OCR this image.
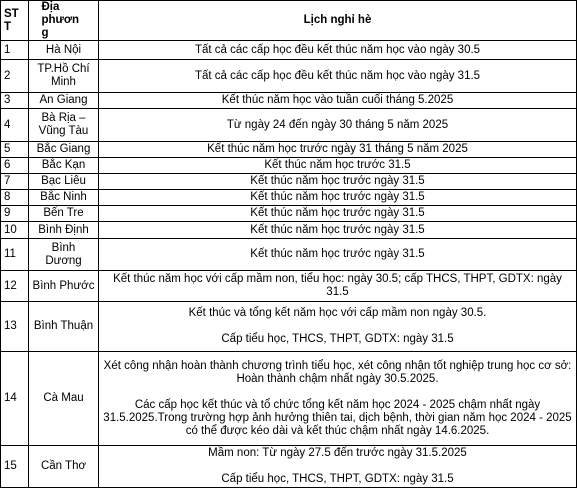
STT	Địa phương	Lịch nghỉ hè
1	Hà Nội	Tất cả các cấp học đều kết thúc năm học vào ngày 30.5

2	TP.Hồ Chí Minh	Tất cả các cấp học đều kết thúc năm học vào ngày 31.5

3	An Giang	Kết thúc năm học vào tuần cuối tháng 5.2025

4	Bà Rịa – Vũng Tàu	Từ ngày 24 đến ngày 30 tháng 5 năm 2025

5	Bắc Giang	Kết thúc năm học trước ngày 31 tháng 5 năm 2025

6	Bắc Kạn	Kết thúc năm học trước 31.5

7	Bạc Liêu	Kết thúc năm học trước ngày 31.5

8	Bắc Ninh	Kết thúc năm học trước ngày 31.5

9	Bến Tre	Kết thúc năm học trước ngày 31.5

10	Bình Định	Kết thúc năm học trước ngày 31.5

11	Bình Dương	Kết thúc năm học trước ngày 31.5

12	Bình Phước	Kết thúc năm học với cấp mầm non, tiểu học: ngày 30.5; cấp THCS, THPT, GDTX: ngày 31.5

13	Bình Thuận	Kết thúc và tổng kết năm học với cấp mầm non ngày 30.5.
Cấp tiểu học, THCS, THPT, GDTX: ngày 31.5

14	Cà Mau	Xét công nhận hoàn thành chương trình tiểu học, xét công nhận tốt nghiệp trung học cơ sở: Hoàn thành chậm nhất ngày 30.5.2025.
Các cấp học kết thúc và tổ chức tổng kết năm học 2024 - 2025 chậm nhất ngày 31.5.2025.Trong trường hợp ảnh hưởng thiên tai, dịch bệnh, thời gian năm học 2024 - 2025 có thể được kéo dài và kết thúc chậm nhất ngày 14.6.2025.

15	Cần Thơ	Mầm non: Từ ngày 27.5 đến trước ngày 31.5.2025
Cấp tiểu học, THCS, THPT, GDTX: ngày 31.5
